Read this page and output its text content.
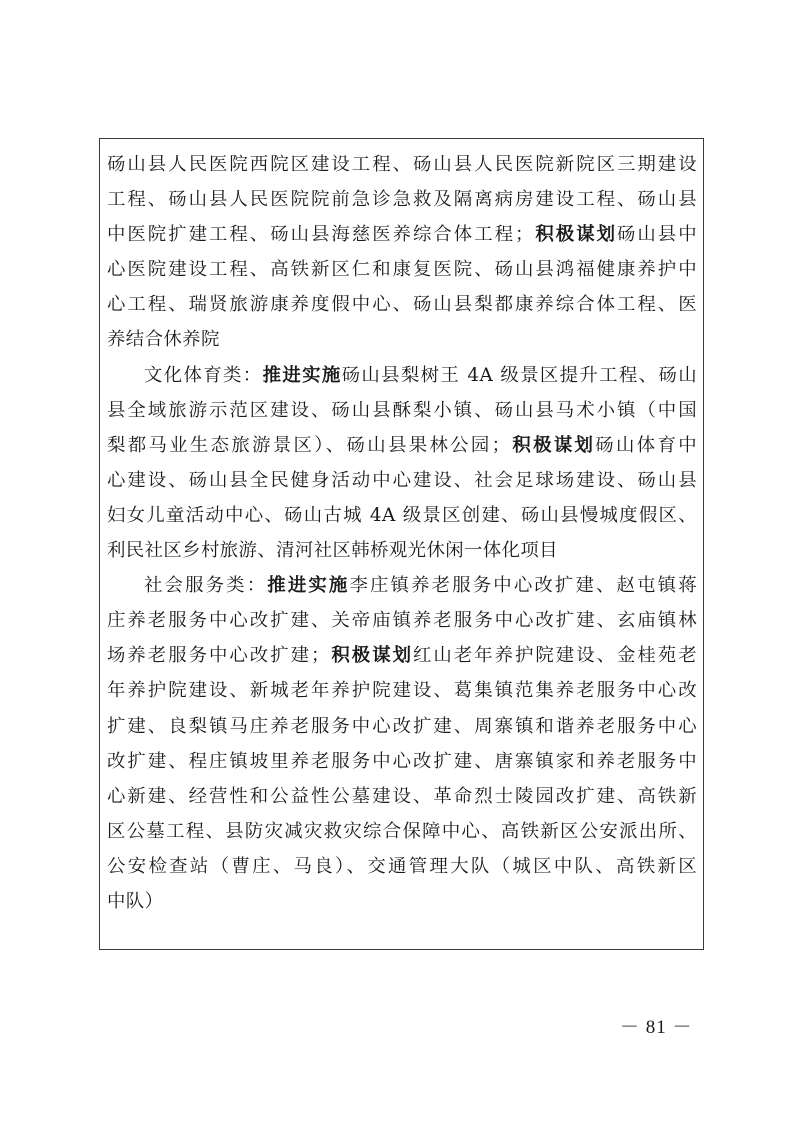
砀山县人民医院西院区建设工程、砀山县人民医院新院区三期建设
工程、砀山县人民医院院前急诊急救及隔离病房建设工程、砀山县
中医院扩建工程、砀山县海慈医养综合体工程；积极谋划砀山县中
心医院建设工程、高铁新区仁和康复医院、砀山县鸿福健康养护中
心工程、瑞贤旅游康养度假中心、砀山县梨都康养综合体工程、医
养结合休养院
文化体育类：推进实施砀山县梨树王 4A 级景区提升工程、砀山
县全域旅游示范区建设、砀山县酥梨小镇、砀山县马术小镇（中国
梨都马业生态旅游景区）、砀山县果林公园；积极谋划砀山体育中
心建设、砀山县全民健身活动中心建设、社会足球场建设、砀山县
妇女儿童活动中心、砀山古城 4A 级景区创建、砀山县慢城度假区、
利民社区乡村旅游、清河社区韩桥观光休闲一体化项目
社会服务类：推进实施李庄镇养老服务中心改扩建、赵屯镇蒋
庄养老服务中心改扩建、关帝庙镇养老服务中心改扩建、玄庙镇林
场养老服务中心改扩建；积极谋划红山老年养护院建设、金桂苑老
年养护院建设、新城老年养护院建设、葛集镇范集养老服务中心改
扩建、良梨镇马庄养老服务中心改扩建、周寨镇和谐养老服务中心
改扩建、程庄镇坡里养老服务中心改扩建、唐寨镇家和养老服务中
心新建、经营性和公益性公墓建设、革命烈士陵园改扩建、高铁新
区公墓工程、县防灾减灾救灾综合保障中心、高铁新区公安派出所、
公安检查站（曹庄、马良）、交通管理大队（城区中队、高铁新区
中队）
－ 81 －
